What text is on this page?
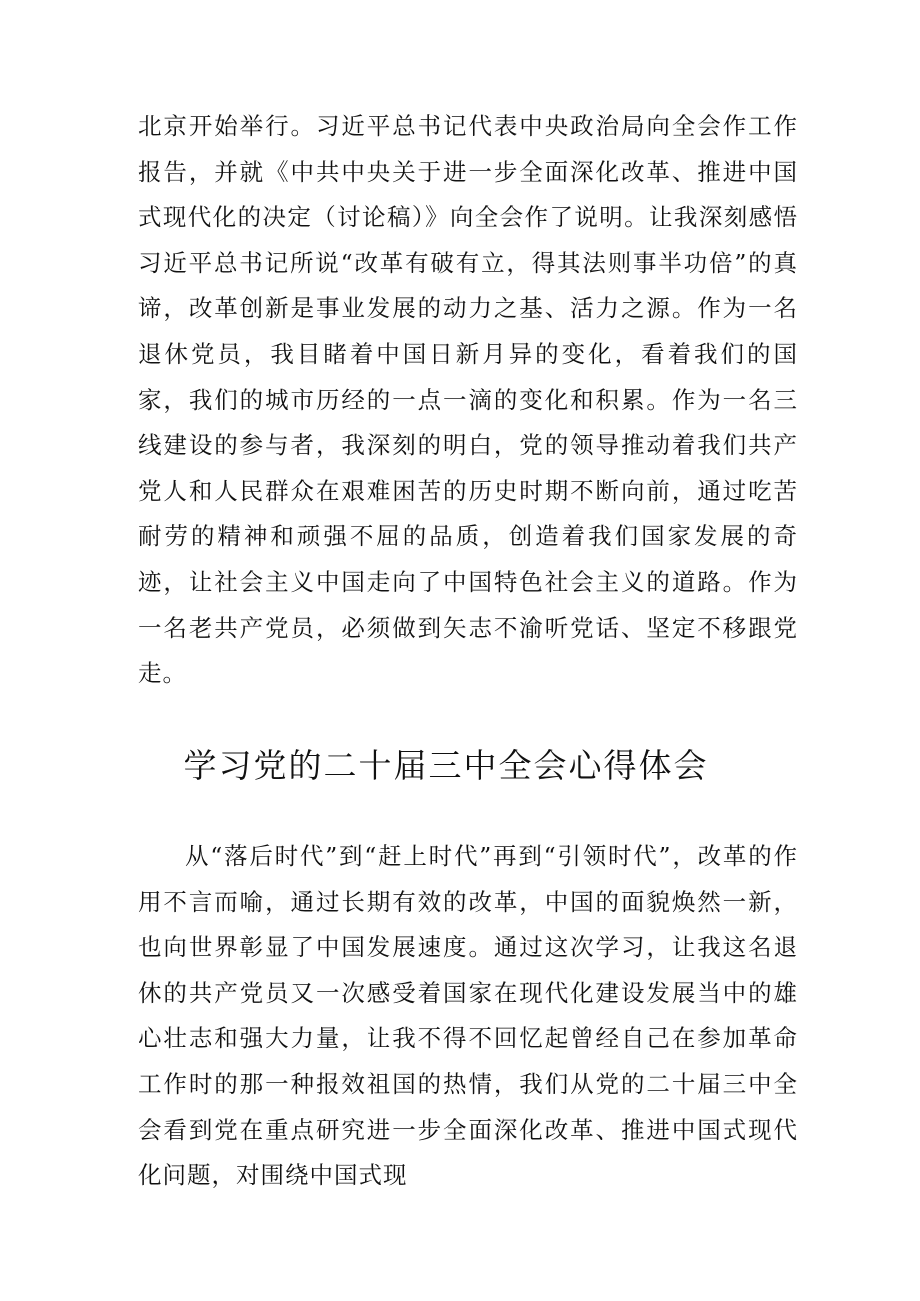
北京开始举行。习近平总书记代表中央政治局向全会作工作报告，并就《中共中央关于进一步全面深化改革、推进中国式现代化的决定（讨论稿）》向全会作了说明。让我深刻感悟习近平总书记所说“改革有破有立，得其法则事半功倍”的真谛，改革创新是事业发展的动力之基、活力之源。作为一名退休党员，我目睹着中国日新月异的变化，看着我们的国家，我们的城市历经的一点一滴的变化和积累。作为一名三线建设的参与者，我深刻的明白，党的领导推动着我们共产党人和人民群众在艰难困苦的历史时期不断向前，通过吃苦耐劳的精神和顽强不屈的品质，创造着我们国家发展的奇迹，让社会主义中国走向了中国特色社会主义的道路。作为一名老共产党员，必须做到矢志不渝听党话、坚定不移跟党走。

学习党的二十届三中全会心得体会

从“落后时代”到“赶上时代”再到“引领时代”，改革的作用不言而喻，通过长期有效的改革，中国的面貌焕然一新，也向世界彰显了中国发展速度。通过这次学习，让我这名退休的共产党员又一次感受着国家在现代化建设发展当中的雄心壮志和强大力量，让我不得不回忆起曾经自己在参加革命工作时的那一种报效祖国的热情，我们从党的二十届三中全会看到党在重点研究进一步全面深化改革、推进中国式现代化问题，对围绕中国式现
